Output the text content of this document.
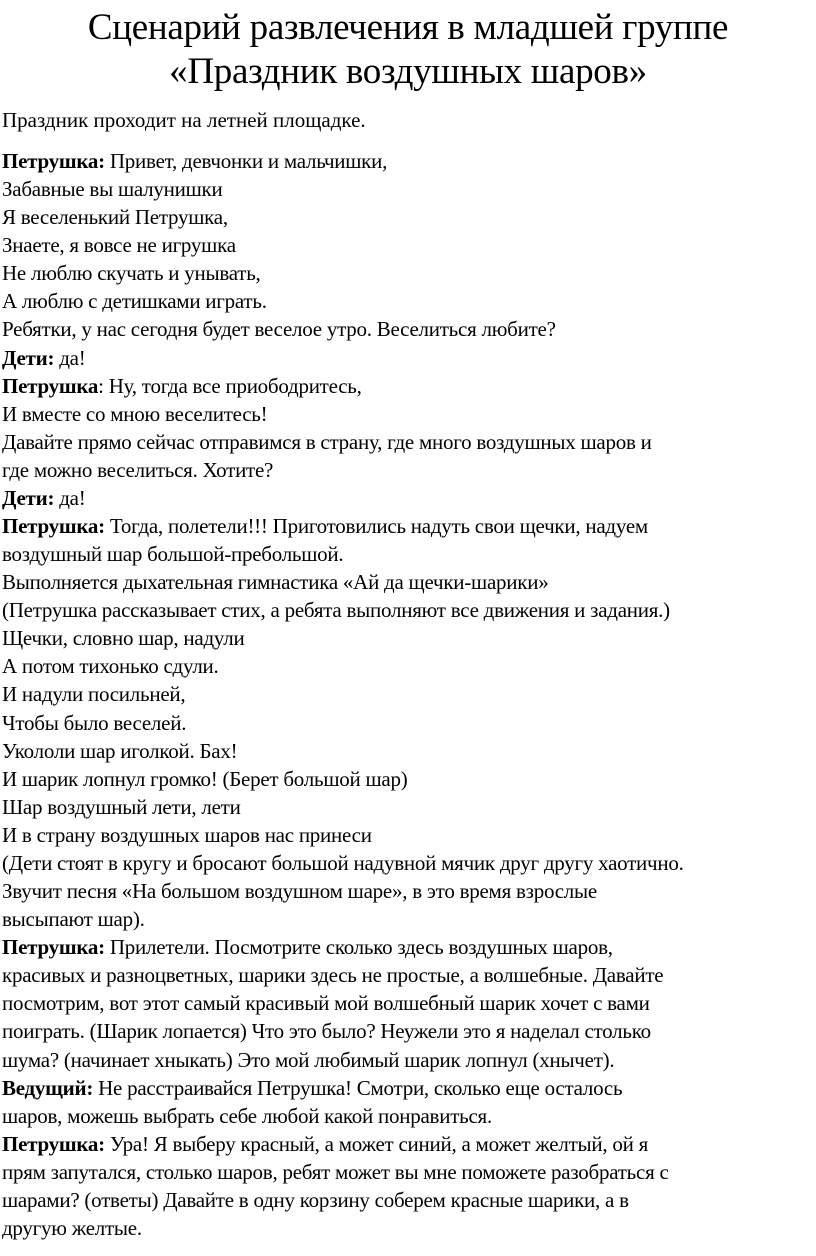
Сценарий развлечения в младшей группе
«Праздник воздушных шаров»
Праздник проходит на летней площадке.
Петрушка: Привет, девчонки и мальчишки,
Забавные вы шалунишки
Я веселенький Петрушка,
Знаете, я вовсе не игрушка
Не люблю скучать и унывать,
А люблю с детишками играть.
Ребятки, у нас сегодня будет веселое утро. Веселиться любите?
Дети: да!
Петрушка: Ну, тогда все приободритесь,
И вместе со мною веселитесь!
Давайте прямо сейчас отправимся в страну, где много воздушных шаров и
где можно веселиться. Хотите?
Дети: да!
Петрушка: Тогда, полетели!!! Приготовились надуть свои щечки, надуем
воздушный шар большой-пребольшой.
Выполняется дыхательная гимнастика «Ай да щечки-шарики»
(Петрушка рассказывает стих, а ребята выполняют все движения и задания.)
Щечки, словно шар, надули
А потом тихонько сдули.
И надули посильней,
Чтобы было веселей.
Укололи шар иголкой. Бах!
И шарик лопнул громко! (Берет большой шар)
Шар воздушный лети, лети
И в страну воздушных шаров нас принеси
(Дети стоят в кругу и бросают большой надувной мячик друг другу хаотично.
Звучит песня «На большом воздушном шаре», в это время взрослые
высыпают шар).
Петрушка: Прилетели. Посмотрите сколько здесь воздушных шаров,
красивых и разноцветных, шарики здесь не простые, а волшебные. Давайте
посмотрим, вот этот самый красивый мой волшебный шарик хочет с вами
поиграть. (Шарик лопается) Что это было? Неужели это я наделал столько
шума? (начинает хныкать) Это мой любимый шарик лопнул (хнычет).
Ведущий: Не расстраивайся Петрушка! Смотри, сколько еще осталось
шаров, можешь выбрать себе любой какой понравиться.
Петрушка: Ура! Я выберу красный, а может синий, а может желтый, ой я
прям запутался, столько шаров, ребят может вы мне поможете разобраться с
шарами? (ответы) Давайте в одну корзину соберем красные шарики, а в
другую желтые.
